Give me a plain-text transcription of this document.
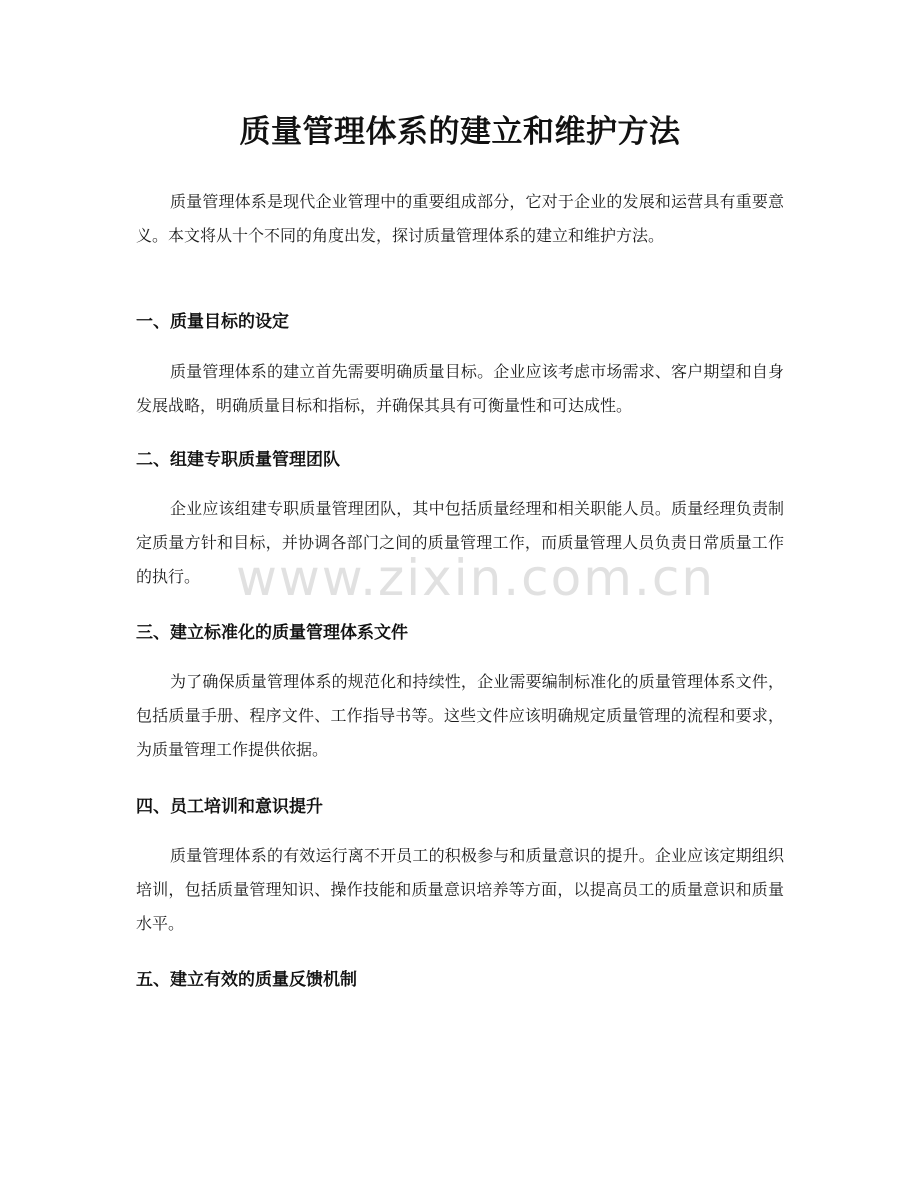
质量管理体系的建立和维护方法

质量管理体系是现代企业管理中的重要组成部分，它对于企业的发展和运营具有重要意义。本文将从十个不同的角度出发，探讨质量管理体系的建立和维护方法。

一、质量目标的设定

质量管理体系的建立首先需要明确质量目标。企业应该考虑市场需求、客户期望和自身发展战略，明确质量目标和指标，并确保其具有可衡量性和可达成性。

二、组建专职质量管理团队

企业应该组建专职质量管理团队，其中包括质量经理和相关职能人员。质量经理负责制定质量方针和目标，并协调各部门之间的质量管理工作，而质量管理人员负责日常质量工作的执行。

三、建立标准化的质量管理体系文件

为了确保质量管理体系的规范化和持续性，企业需要编制标准化的质量管理体系文件，包括质量手册、程序文件、工作指导书等。这些文件应该明确规定质量管理的流程和要求，为质量管理工作提供依据。

四、员工培训和意识提升

质量管理体系的有效运行离不开员工的积极参与和质量意识的提升。企业应该定期组织培训，包括质量管理知识、操作技能和质量意识培养等方面，以提高员工的质量意识和质量水平。

五、建立有效的质量反馈机制
www.zixin.com.cn
